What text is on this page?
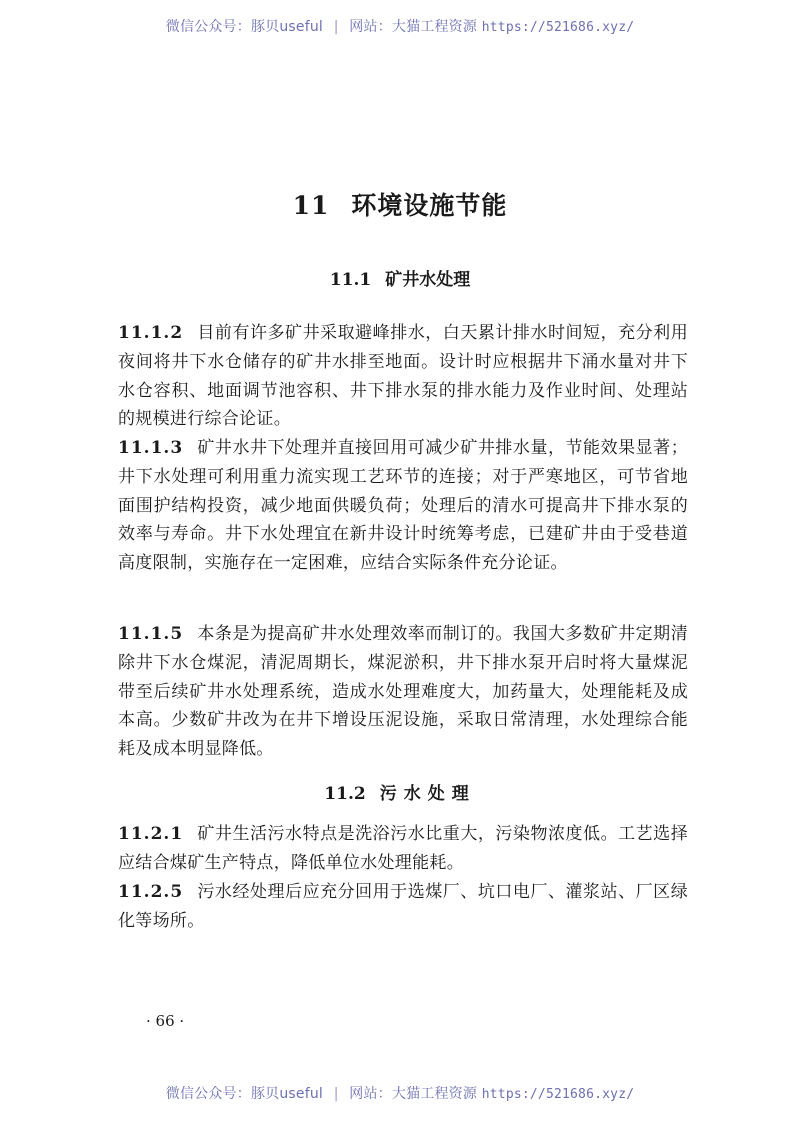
微信公众号：豚贝useful | 网站：大猫工程资源 https://521686.xyz/
11 环境设施节能
11.1 矿井水处理
11.1.2 目前有许多矿井采取避峰排水，白天累计排水时间短，充分利用夜间将井下水仓储存的矿井水排至地面。设计时应根据井下涌水量对井下水仓容积、地面调节池容积、井下排水泵的排水能力及作业时间、处理站的规模进行综合论证。
11.1.3 矿井水井下处理并直接回用可减少矿井排水量，节能效果显著；井下水处理可利用重力流实现工艺环节的连接；对于严寒地区，可节省地面围护结构投资，减少地面供暖负荷；处理后的清水可提高井下排水泵的效率与寿命。井下水处理宜在新井设计时统筹考虑，已建矿井由于受巷道高度限制，实施存在一定困难，应结合实际条件充分论证。
11.1.5 本条是为提高矿井水处理效率而制订的。我国大多数矿井定期清除井下水仓煤泥，清泥周期长，煤泥淤积，井下排水泵开启时将大量煤泥带至后续矿井水处理系统，造成水处理难度大，加药量大，处理能耗及成本高。少数矿井改为在井下增设压泥设施，采取日常清理，水处理综合能耗及成本明显降低。
11.2 污水处理
11.2.1 矿井生活污水特点是洗浴污水比重大，污染物浓度低。工艺选择应结合煤矿生产特点，降低单位水处理能耗。
11.2.5 污水经处理后应充分回用于选煤厂、坑口电厂、灌浆站、厂区绿化等场所。
· 66 ·
微信公众号：豚贝useful | 网站：大猫工程资源 https://521686.xyz/
